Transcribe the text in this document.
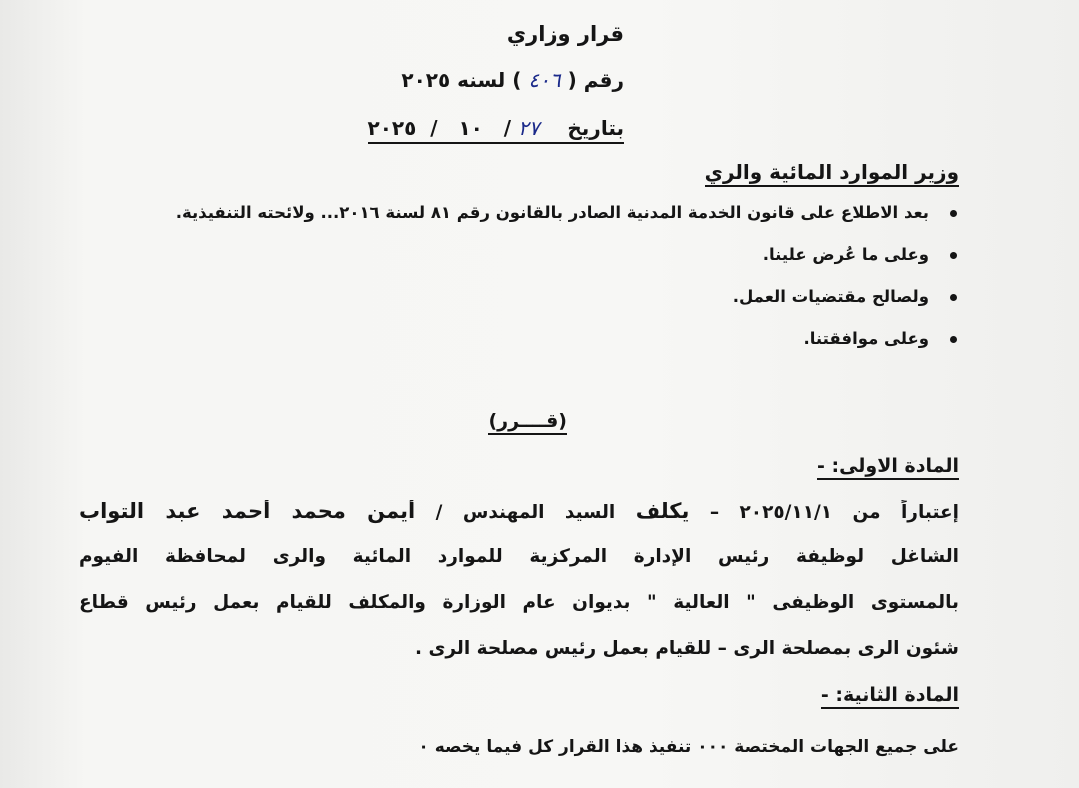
قرار وزاري
رقم ( ٤٠٦ ) لسنه ٢٠٢٥
بتاريخ    ٢٧ /   ١٠   /  ٢٠٢٥
وزير الموارد المائية والري
بعد الاطلاع على قانون الخدمة المدنية الصادر بالقانون رقم ٨١ لسنة ٢٠١٦... ولائحته التنفيذية.
وعلى ما عُرض علينا.
ولصالح مقتضيات العمل.
وعلى موافقتنا.
(قــــرر)
المادة الاولى: -
إعتباراً من ٢٠٢٥/١١/١ – يكلف السيد المهندس / أيمن محمد أحمد عبد التواب
الشاغل لوظيفة رئيس الإدارة المركزية للموارد المائية والرى لمحافظة الفيوم
بالمستوى الوظيفى " العالية " بديوان عام الوزارة والمكلف للقيام بعمل رئيس قطاع
شئون الرى بمصلحة الرى – للقيام بعمل رئيس مصلحة الرى .
المادة الثانية: -
على جميع الجهات المختصة ٠٠٠ تنفيذ هذا القرار كل فيما يخصه ٠
